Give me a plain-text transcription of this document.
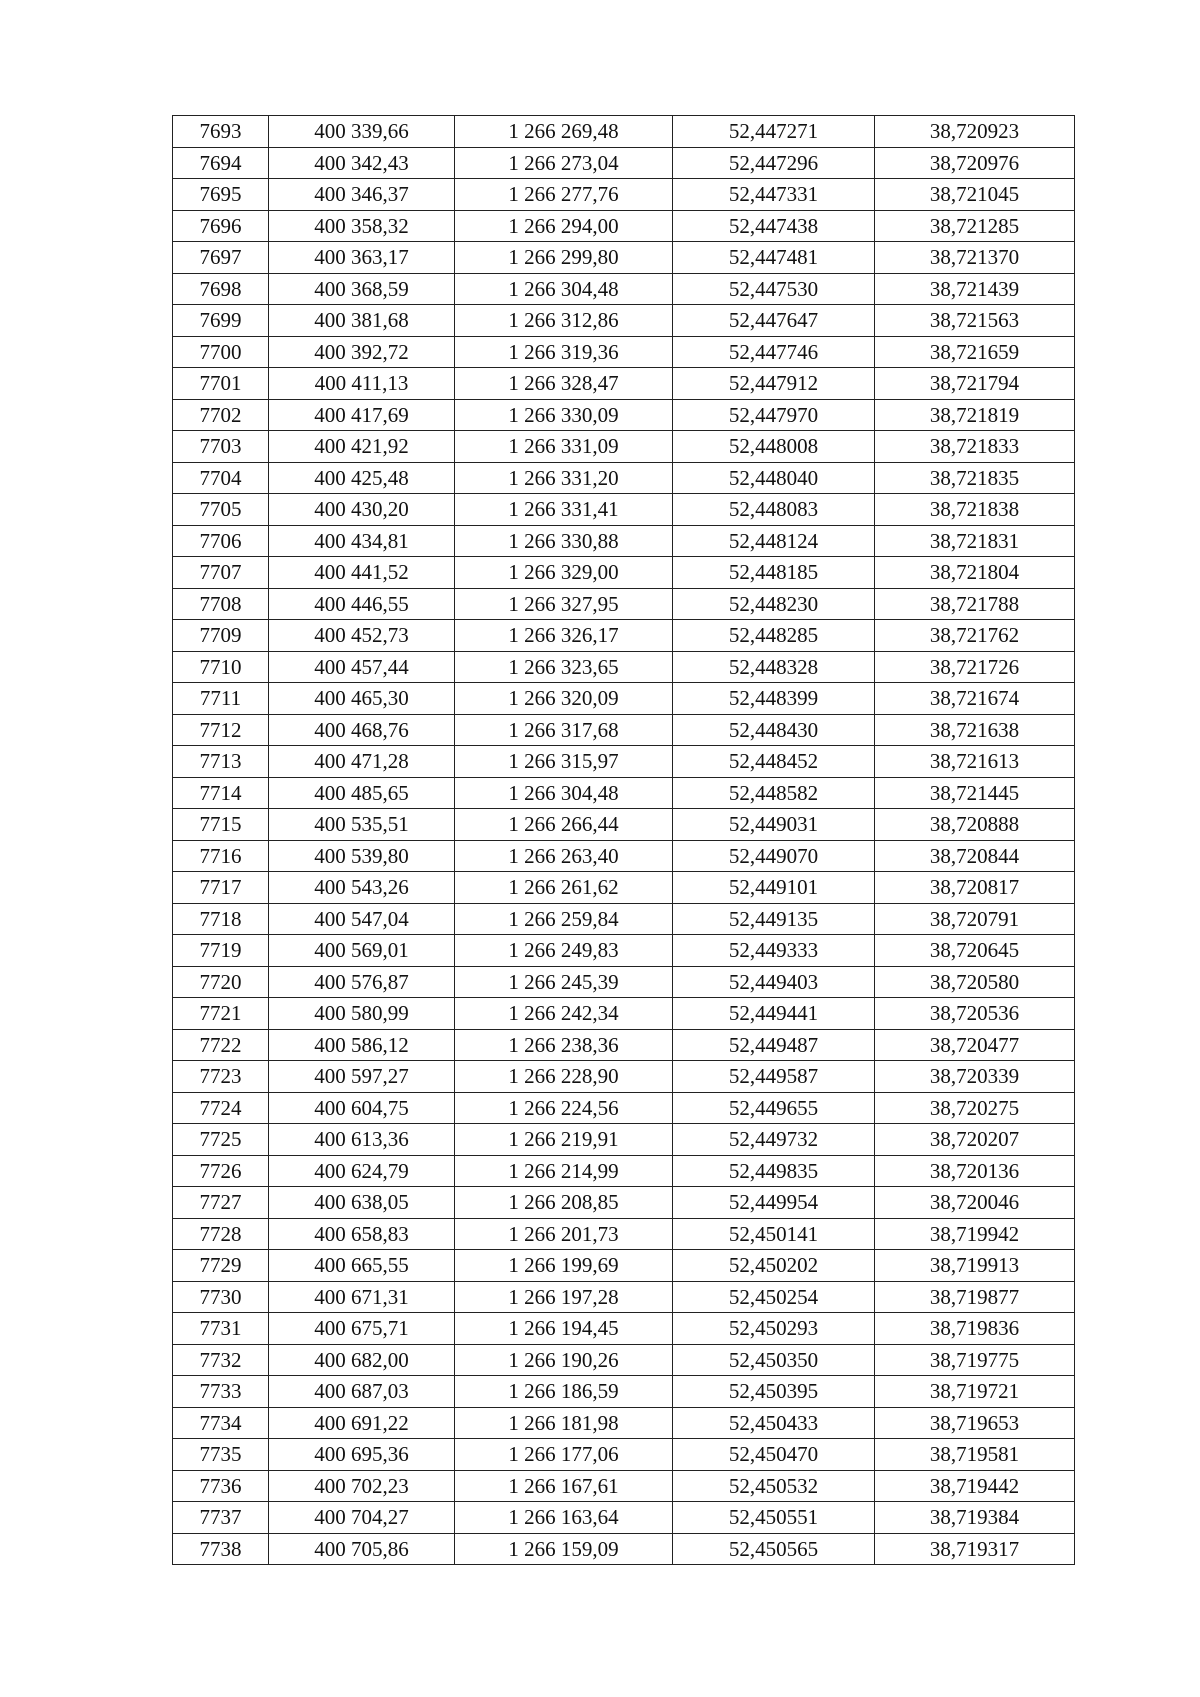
7693	400 339,66	1 266 269,48	52,447271	38,720923
7694	400 342,43	1 266 273,04	52,447296	38,720976
7695	400 346,37	1 266 277,76	52,447331	38,721045
7696	400 358,32	1 266 294,00	52,447438	38,721285
7697	400 363,17	1 266 299,80	52,447481	38,721370
7698	400 368,59	1 266 304,48	52,447530	38,721439
7699	400 381,68	1 266 312,86	52,447647	38,721563
7700	400 392,72	1 266 319,36	52,447746	38,721659
7701	400 411,13	1 266 328,47	52,447912	38,721794
7702	400 417,69	1 266 330,09	52,447970	38,721819
7703	400 421,92	1 266 331,09	52,448008	38,721833
7704	400 425,48	1 266 331,20	52,448040	38,721835
7705	400 430,20	1 266 331,41	52,448083	38,721838
7706	400 434,81	1 266 330,88	52,448124	38,721831
7707	400 441,52	1 266 329,00	52,448185	38,721804
7708	400 446,55	1 266 327,95	52,448230	38,721788
7709	400 452,73	1 266 326,17	52,448285	38,721762
7710	400 457,44	1 266 323,65	52,448328	38,721726
7711	400 465,30	1 266 320,09	52,448399	38,721674
7712	400 468,76	1 266 317,68	52,448430	38,721638
7713	400 471,28	1 266 315,97	52,448452	38,721613
7714	400 485,65	1 266 304,48	52,448582	38,721445
7715	400 535,51	1 266 266,44	52,449031	38,720888
7716	400 539,80	1 266 263,40	52,449070	38,720844
7717	400 543,26	1 266 261,62	52,449101	38,720817
7718	400 547,04	1 266 259,84	52,449135	38,720791
7719	400 569,01	1 266 249,83	52,449333	38,720645
7720	400 576,87	1 266 245,39	52,449403	38,720580
7721	400 580,99	1 266 242,34	52,449441	38,720536
7722	400 586,12	1 266 238,36	52,449487	38,720477
7723	400 597,27	1 266 228,90	52,449587	38,720339
7724	400 604,75	1 266 224,56	52,449655	38,720275
7725	400 613,36	1 266 219,91	52,449732	38,720207
7726	400 624,79	1 266 214,99	52,449835	38,720136
7727	400 638,05	1 266 208,85	52,449954	38,720046
7728	400 658,83	1 266 201,73	52,450141	38,719942
7729	400 665,55	1 266 199,69	52,450202	38,719913
7730	400 671,31	1 266 197,28	52,450254	38,719877
7731	400 675,71	1 266 194,45	52,450293	38,719836
7732	400 682,00	1 266 190,26	52,450350	38,719775
7733	400 687,03	1 266 186,59	52,450395	38,719721
7734	400 691,22	1 266 181,98	52,450433	38,719653
7735	400 695,36	1 266 177,06	52,450470	38,719581
7736	400 702,23	1 266 167,61	52,450532	38,719442
7737	400 704,27	1 266 163,64	52,450551	38,719384
7738	400 705,86	1 266 159,09	52,450565	38,719317
